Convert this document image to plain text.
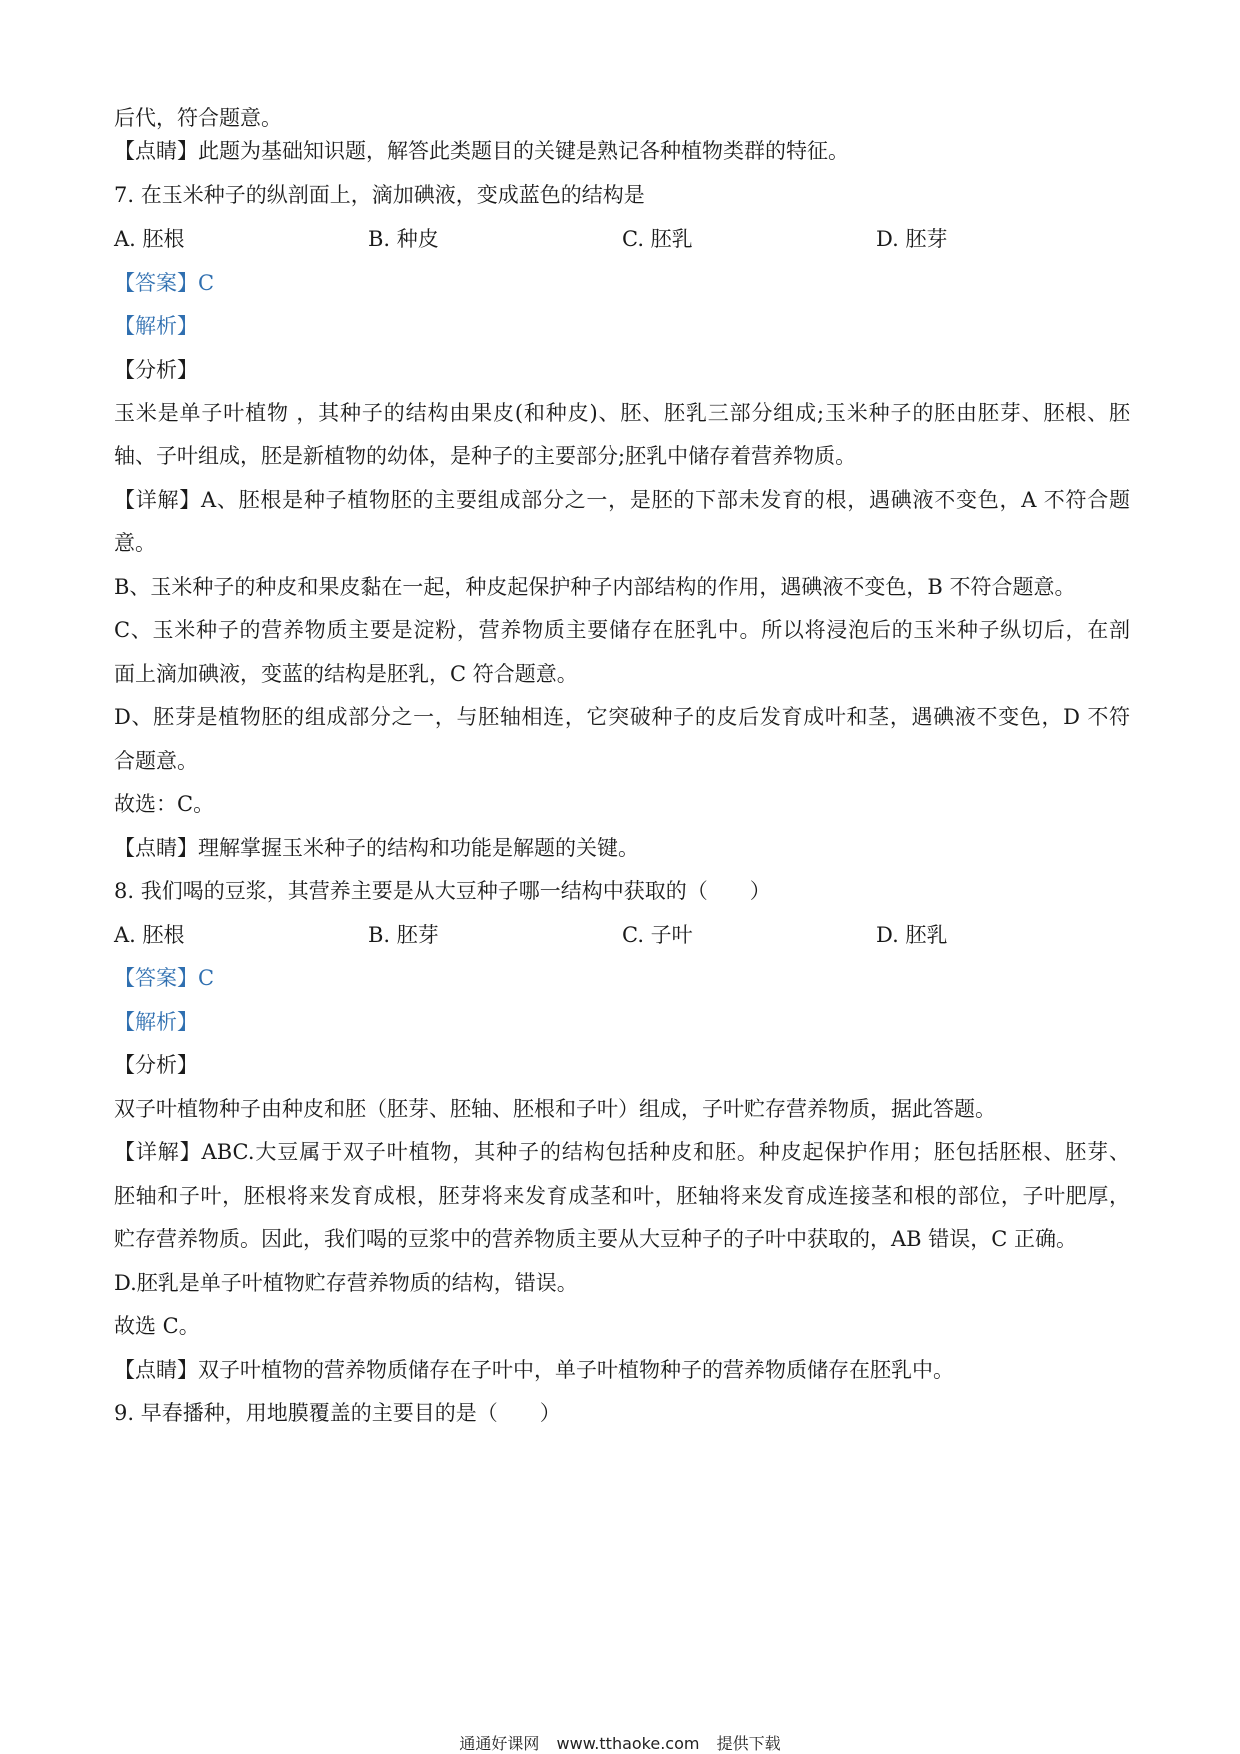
后代，符合题意。
【点睛】此题为基础知识题，解答此类题目的关键是熟记各种植物类群的特征。
7. 在玉米种子的纵剖面上，滴加碘液，变成蓝色的结构是
A. 胚根	B. 种皮	C. 胚乳	D. 胚芽
【答案】C
【解析】
【分析】
玉米是单子叶植物 ，其种子的结构由果皮(和种皮)、胚、胚乳三部分组成;玉米种子的胚由胚芽、胚根、胚
轴、子叶组成，胚是新植物的幼体，是种子的主要部分;胚乳中储存着营养物质。
【详解】A、胚根是种子植物胚的主要组成部分之一，是胚的下部未发育的根，遇碘液不变色，A 不符合题
意。
B、玉米种子的种皮和果皮黏在一起，种皮起保护种子内部结构的作用，遇碘液不变色，B 不符合题意。
C、玉米种子的营养物质主要是淀粉，营养物质主要储存在胚乳中。所以将浸泡后的玉米种子纵切后，在剖
面上滴加碘液，变蓝的结构是胚乳，C 符合题意。
D、胚芽是植物胚的组成部分之一，与胚轴相连，它突破种子的皮后发育成叶和茎，遇碘液不变色，D 不符
合题意。
故选：C。
【点睛】理解掌握玉米种子的结构和功能是解题的关键。
8. 我们喝的豆浆，其营养主要是从大豆种子哪一结构中获取的（　　）
A. 胚根	B. 胚芽	C. 子叶	D. 胚乳
【答案】C
【解析】
【分析】
双子叶植物种子由种皮和胚（胚芽、胚轴、胚根和子叶）组成，子叶贮存营养物质，据此答题。
【详解】ABC.大豆属于双子叶植物，其种子的结构包括种皮和胚。种皮起保护作用；胚包括胚根、胚芽、
胚轴和子叶，胚根将来发育成根，胚芽将来发育成茎和叶，胚轴将来发育成连接茎和根的部位，子叶肥厚，
贮存营养物质。因此，我们喝的豆浆中的营养物质主要从大豆种子的子叶中获取的，AB 错误，C 正确。
D.胚乳是单子叶植物贮存营养物质的结构，错误。
故选 C。
【点睛】双子叶植物的营养物质储存在子叶中，单子叶植物种子的营养物质储存在胚乳中。
9. 早春播种，用地膜覆盖的主要目的是（　　）
通通好课网 www.tthaoke.com 提供下载
